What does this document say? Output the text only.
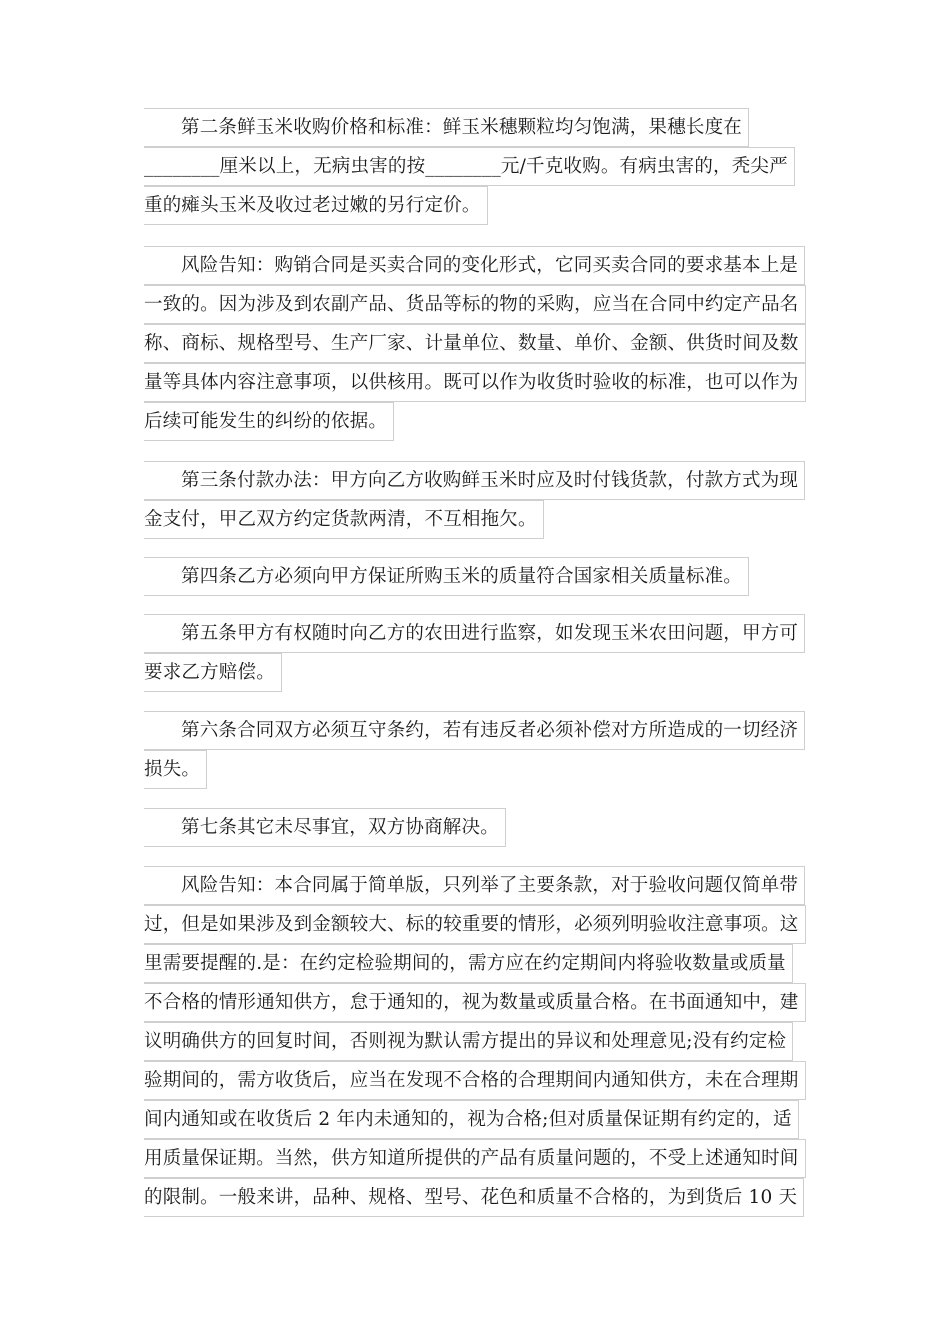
第二条鲜玉米收购价格和标准：鲜玉米穗颗粒均匀饱满，果穗长度在
________厘米以上，无病虫害的按________元/千克收购。有病虫害的，秃尖严
重的瘫头玉米及收过老过嫩的另行定价。
风险告知：购销合同是买卖合同的变化形式，它同买卖合同的要求基本上是
一致的。因为涉及到农副产品、货品等标的物的采购，应当在合同中约定产品名
称、商标、规格型号、生产厂家、计量单位、数量、单价、金额、供货时间及数
量等具体内容注意事项，以供核用。既可以作为收货时验收的标准，也可以作为
后续可能发生的纠纷的依据。
第三条付款办法：甲方向乙方收购鲜玉米时应及时付钱货款，付款方式为现
金支付，甲乙双方约定货款两清，不互相拖欠。
第四条乙方必须向甲方保证所购玉米的质量符合国家相关质量标准。
第五条甲方有权随时向乙方的农田进行监察，如发现玉米农田问题，甲方可
要求乙方赔偿。
第六条合同双方必须互守条约，若有违反者必须补偿对方所造成的一切经济
损失。
第七条其它未尽事宜，双方协商解决。
风险告知：本合同属于简单版，只列举了主要条款，对于验收问题仅简单带
过，但是如果涉及到金额较大、标的较重要的情形，必须列明验收注意事项。这
里需要提醒的.是：在约定检验期间的，需方应在约定期间内将验收数量或质量
不合格的情形通知供方，怠于通知的，视为数量或质量合格。在书面通知中，建
议明确供方的回复时间，否则视为默认需方提出的异议和处理意见;没有约定检
验期间的，需方收货后，应当在发现不合格的合理期间内通知供方，未在合理期
间内通知或在收货后 2 年内未通知的，视为合格;但对质量保证期有约定的，适
用质量保证期。当然，供方知道所提供的产品有质量问题的，不受上述通知时间
的限制。一般来讲，品种、规格、型号、花色和质量不合格的，为到货后 10 天
